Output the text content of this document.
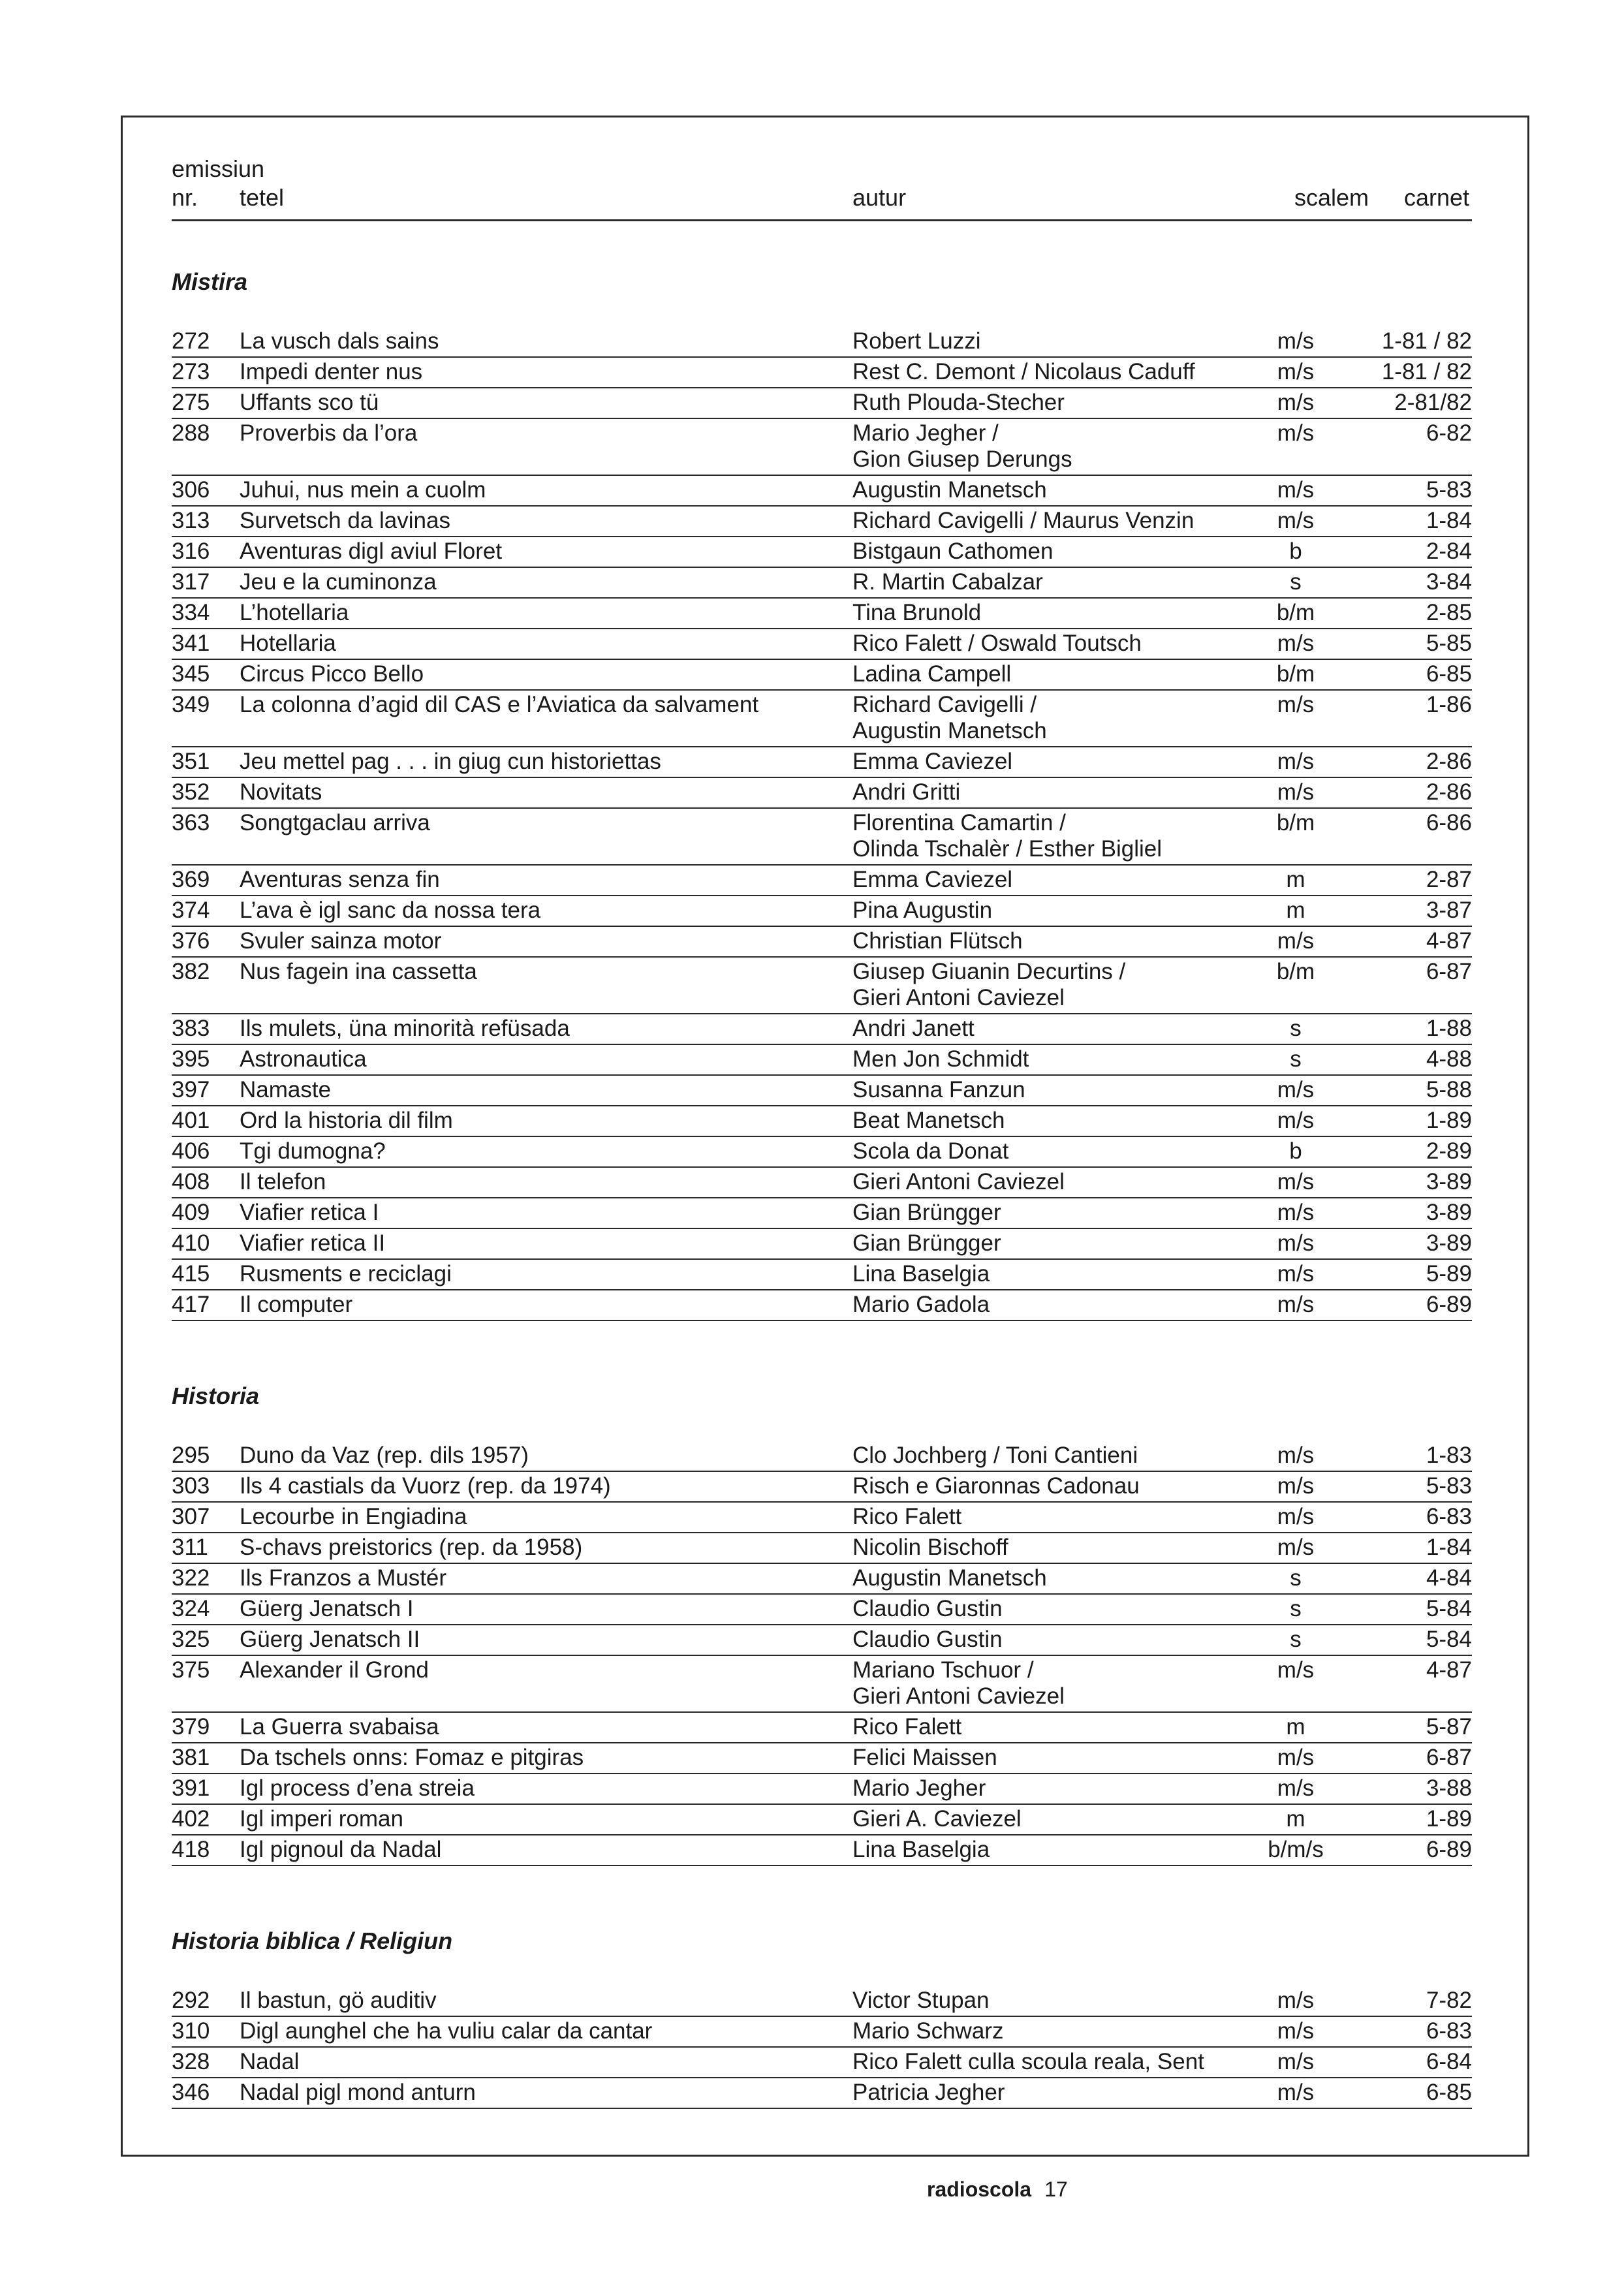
emissiun
nr. tetel	autur	scalem carnet
Mistira
272	La vusch dals sains	Robert Luzzi	m/s	1-81 / 82
273	Impedi denter nus	Rest C. Demont / Nicolaus Caduff	m/s	1-81 / 82
275	Uffants sco tü	Ruth Plouda-Stecher	m/s	2-81/82
288	Proverbis da l’ora	Mario Jegher /
Gion Giusep Derungs
m/s	6-82
306	Juhui, nus mein a cuolm	Augustin Manetsch	m/s	5-83
313	Survetsch da lavinas	Richard Cavigelli / Maurus Venzin	m/s	1-84
316	Aventuras digl aviul Floret	Bistgaun Cathomen	b	2-84
317	Jeu e la cuminonza	R. Martin Cabalzar	s	3-84
334	L’hotellaria	Tina Brunold	b/m	2-85
341	Hotellaria	Rico Falett / Oswald Toutsch	m/s	5-85
345	Circus Picco Bello	Ladina Campell	b/m	6-85
349	La colonna d’agid dil CAS e l’Aviatica da salvament	Richard Cavigelli /
Augustin Manetsch
m/s	1-86
351	Jeu mettel pag . . . in giug cun historiettas	Emma Caviezel	m/s	2-86
352	Novitats	Andri Gritti	m/s	2-86
363	Songtgaclau arriva	Florentina Camartin /
Olinda Tschalèr / Esther Bigliel
b/m	6-86
369	Aventuras senza fin	Emma Caviezel	m	2-87
374	L’ava è igl sanc da nossa tera	Pina Augustin	m	3-87
376	Svuler sainza motor	Christian Flütsch	m/s	4-87
382	Nus fagein ina cassetta	Giusep Giuanin Decurtins /
Gieri Antoni Caviezel
b/m	6-87
383	Ils mulets, üna minorità refüsada	Andri Janett	s	1-88
395	Astronautica	Men Jon Schmidt	s	4-88
397	Namaste	Susanna Fanzun	m/s	5-88
401	Ord la historia dil film	Beat Manetsch	m/s	1-89
406	Tgi dumogna?	Scola da Donat	b	2-89
408	Il telefon	Gieri Antoni Caviezel	m/s	3-89
409	Viafier retica I	Gian Brüngger	m/s	3-89
410	Viafier retica II	Gian Brüngger	m/s	3-89
415	Rusments e reciclagi	Lina Baselgia	m/s	5-89
417	Il computer	Mario Gadola	m/s	6-89
Historia
295	Duno da Vaz (rep. dils 1957)	Clo Jochberg / Toni Cantieni	m/s	1-83
303	Ils 4 castials da Vuorz (rep. da 1974)	Risch e Giaronnas Cadonau	m/s	5-83
307	Lecourbe in Engiadina	Rico Falett	m/s	6-83
311	S-chavs preistorics (rep. da 1958)	Nicolin Bischoff	m/s	1-84
322	Ils Franzos a Mustér	Augustin Manetsch	s	4-84
324	Güerg Jenatsch I	Claudio Gustin	s	5-84
325	Güerg Jenatsch II	Claudio Gustin	s	5-84
375	Alexander il Grond	Mariano Tschuor /
Gieri Antoni Caviezel
m/s	4-87
379	La Guerra svabaisa	Rico Falett	m	5-87
381	Da tschels onns: Fomaz e pitgiras	Felici Maissen	m/s	6-87
391	Igl process d’ena streia	Mario Jegher	m/s	3-88
402	Igl imperi roman	Gieri A. Caviezel	m	1-89
418	Igl pignoul da Nadal	Lina Baselgia	b/m/s	6-89
Historia biblica / Religiun
292	Il bastun, gö auditiv	Victor Stupan	m/s	7-82
310	Digl aunghel che ha vuliu calar da cantar	Mario Schwarz	m/s	6-83
328	Nadal	Rico Falett culla scoula reala, Sent	m/s	6-84
346	Nadal pigl mond anturn	Patricia Jegher	m/s	6-85
radioscola 17
